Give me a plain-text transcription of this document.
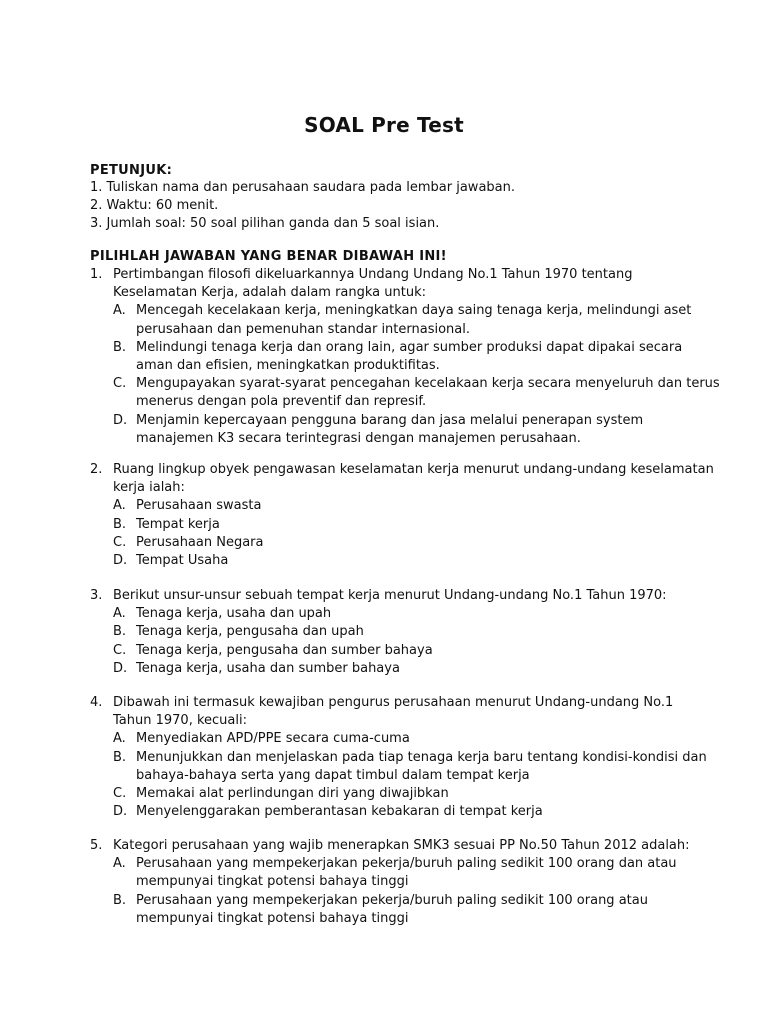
SOAL Pre Test
PETUNJUK:
1. Tuliskan nama dan perusahaan saudara pada lembar jawaban.
2. Waktu: 60 menit.
3. Jumlah soal: 50 soal pilihan ganda dan 5 soal isian.
PILIHLAH JAWABAN YANG BENAR DIBAWAH INI!
1. Pertimbangan filosofi dikeluarkannya Undang Undang No.1 Tahun 1970 tentang
Keselamatan Kerja, adalah dalam rangka untuk:
A. Mencegah kecelakaan kerja, meningkatkan daya saing tenaga kerja, melindungi aset
perusahaan dan pemenuhan standar internasional.
B. Melindungi tenaga kerja dan orang lain, agar sumber produksi dapat dipakai secara
aman dan efisien, meningkatkan produktifitas.
C. Mengupayakan syarat-syarat pencegahan kecelakaan kerja secara menyeluruh dan terus
menerus dengan pola preventif dan represif.
D. Menjamin kepercayaan pengguna barang dan jasa melalui penerapan system
manajemen K3 secara terintegrasi dengan manajemen perusahaan.
2. Ruang lingkup obyek pengawasan keselamatan kerja menurut undang-undang keselamatan
kerja ialah:
A. Perusahaan swasta
B. Tempat kerja
C. Perusahaan Negara
D. Tempat Usaha
3. Berikut unsur-unsur sebuah tempat kerja menurut Undang-undang No.1 Tahun 1970:
A. Tenaga kerja, usaha dan upah
B. Tenaga kerja, pengusaha dan upah
C. Tenaga kerja, pengusaha dan sumber bahaya
D. Tenaga kerja, usaha dan sumber bahaya
4. Dibawah ini termasuk kewajiban pengurus perusahaan menurut Undang-undang No.1
Tahun 1970, kecuali:
A. Menyediakan APD/PPE secara cuma-cuma
B. Menunjukkan dan menjelaskan pada tiap tenaga kerja baru tentang kondisi-kondisi dan
bahaya-bahaya serta yang dapat timbul dalam tempat kerja
C. Memakai alat perlindungan diri yang diwajibkan
D. Menyelenggarakan pemberantasan kebakaran di tempat kerja
5. Kategori perusahaan yang wajib menerapkan SMK3 sesuai PP No.50 Tahun 2012 adalah:
A. Perusahaan yang mempekerjakan pekerja/buruh paling sedikit 100 orang dan atau
mempunyai tingkat potensi bahaya tinggi
B. Perusahaan yang mempekerjakan pekerja/buruh paling sedikit 100 orang atau
mempunyai tingkat potensi bahaya tinggi
